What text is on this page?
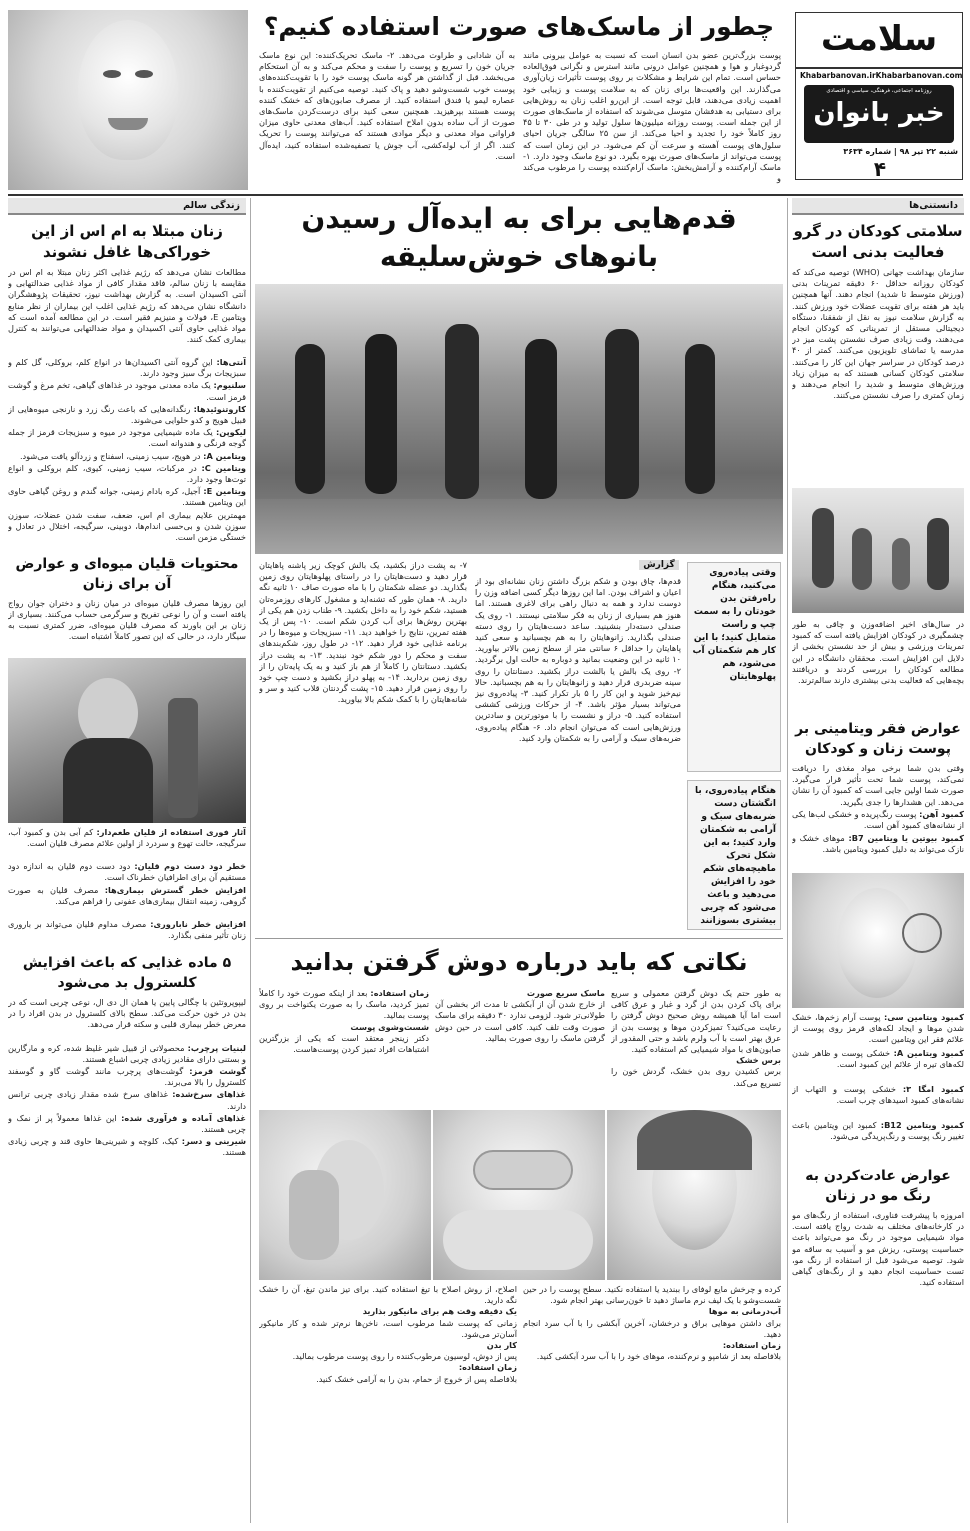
سلامت
Khabarbanovan.ir Khabarbanovan.com
روزنامه اجتماعی، فرهنگی، سیاسی و اقتصادی
خبر بانوان
شنبه ۲۲ تیر ۹۸ | شماره ۳۶۳۴
۴
چطور از ماسک‌های صورت استفاده کنیم؟
پوست بزرگ‌ترین عضو بدن انسان است که نسبت به عوامل بیرونی مانند گردوغبار و هوا و همچنین عوامل درونی مانند استرس و نگرانی فوق‌العاده حساس است. تمام این شرایط و مشکلات بر روی پوست تأثیرات زیان‌آوری می‌گذارند. این واقعیت‌ها برای زنان که به سلامت پوست و زیبایی خود اهمیت زیادی می‌دهند، قابل توجه است. از این‌رو اغلب زنان به روش‌هایی برای دستیابی به هدفشان متوسل می‌شوند که استفاده از ماسک‌های صورت از این جمله است. پوست روزانه میلیون‌ها سلول تولید و در طی ۳۰ تا ۴۵ روز کاملاً خود را تجدید و احیا می‌کند. از سن ۲۵ سالگی جریان احیای سلول‌های پوست آهسته و سرعت آن کم می‌شود. در این زمان است که پوست می‌تواند از ماسک‌های صورت بهره بگیرد. دو نوع ماسک وجود دارد. ۱- ماسک آرام‌کننده و آرامش‌بخش: ماسک آرام‌کننده پوست را مرطوب می‌کند و
به آن شادابی و طراوت می‌دهد. ۲- ماسک تحریک‌کننده: این نوع ماسک جریان خون را تسریع و پوست را سفت و محکم می‌کند و به آن استحکام می‌بخشد. قبل از گذاشتن هر گونه ماسک پوست خود را با تقویت‌کننده‌های پوست خوب شست‌وشو دهید و پاک کنید. توصیه می‌کنیم از تقویت‌کننده با عصاره لیمو یا فندق استفاده کنید. از مصرف صابون‌های که خشک کننده پوست هستند بپرهیزید. همچنین سعی کنید برای درست‌کردن ماسک‌های صورت از آب ساده بدون املاح استفاده کنید. آب‌های معدنی حاوی میزان فراوانی مواد معدنی و دیگر موادی هستند که می‌توانند پوست را تحریک کنند. اگر از آب لوله‌کشی، آب جوش یا تصفیه‌شده استفاده کنید، ایده‌آل است.
دانستنی‌ها
سلامتی کودکان در گرو فعالیت بدنی است
سازمان بهداشت جهانی (WHO) توصیه می‌کند که کودکان روزانه حداقل ۶۰ دقیقه تمرینات بدنی (ورزش متوسط تا شدید) انجام دهند. آنها همچنین باید هر هفته برای تقویت عضلات خود ورزش کنند. به گزارش سلامت نیوز به نقل از شفقنا، دستگاه دیجیتالی مستقل از تمریناتی که کودکان انجام می‌دهند، وقت زیادی صرف نشستن پشت میز در مدرسه یا تماشای تلویزیون می‌کنند. کمتر از ۴۰ درصد کودکان در سراسر جهان این کار را می‌کنند. سلامتی کودکان کسانی هستند که به میزان زیاد ورزش‌های متوسط و شدید را انجام می‌دهند و زمان کمتری را صرف نشستن می‌کنند.
در سال‌های اخیر اضافه‌وزن و چاقی به طور چشمگیری در کودکان افزایش یافته است که کمبود تمرینات ورزشی و بیش از حد نشستن بخشی از دلایل این افزایش است. محققان دانشگاه در این مطالعه کودکان را بررسی کردند و دریافتند بچه‌هایی که فعالیت بدنی بیشتری دارند سالم‌ترند.
عوارض فقر ویتامینی بر پوست زنان و کودکان
وقتی بدن شما برخی مواد مغذی را دریافت نمی‌کند، پوست شما تحت تأثیر قرار می‌گیرد. صورت شما اولین جایی است که کمبود آن را نشان می‌دهد. این هشدارها را جدی بگیرید.
کمبود آهن: پوست رنگ‌پریده و خشکی لب‌ها یکی از نشانه‌های کمبود آهن است.
کمبود بیوتین یا ویتامین B7: موهای خشک و نازک می‌تواند به دلیل کمبود ویتامین باشد.
کمبود ویتامین سی: پوست آرام زخم‌ها، خشک شدن موها و ایجاد لکه‌های قرمز روی پوست از علائم فقر این ویتامین است.
کمبود ویتامین A: خشکی پوست و ظاهر شدن لکه‌های تیره از علائم این کمبود است.
کمبود امگا ۳: خشکی پوست و التهاب از نشانه‌های کمبود اسیدهای چرب است.
کمبود ویتامین B12: کمبود این ویتامین باعث تغییر رنگ پوست و رنگ‌پریدگی می‌شود.
عوارض عادت‌کردن به رنگ مو در زنان
امروزه با پیشرفت فناوری، استفاده از رنگ‌های مو در کارخانه‌های مختلف به شدت رواج یافته است. مواد شیمیایی موجود در رنگ مو می‌تواند باعث حساسیت پوستی، ریزش مو و آسیب به ساقه مو شود. توصیه می‌شود قبل از استفاده از رنگ مو، تست حساسیت انجام دهید و از رنگ‌های گیاهی استفاده کنید.
زندگی سالم
زنان مبتلا به ام اس از این خوراکی‌ها غافل نشوند
مطالعات نشان می‌دهد که رژیم غذایی اکثر زنان مبتلا به ام اس در مقایسه با زنان سالم، فاقد مقدار کافی از مواد غذایی ضدالتهابی و آنتی اکسیدان است. به گزارش بهداشت نیوز، تحقیقات پژوهشگران دانشگاه نشان می‌دهد که رژیم غذایی اغلب این بیماران از نظر منابع ویتامین E، فولات و منیزیم فقیر است. در این مطالعه آمده است که مواد غذایی حاوی آنتی اکسیدان و مواد ضدالتهابی می‌توانند به کنترل بیماری کمک کنند.
آنتی‌ها: این گروه آنتی اکسیدان‌ها در انواع کلم، بروکلی، گل کلم و سبزیجات برگ سبز وجود دارند.
سلنیوم: یک ماده معدنی موجود در غذاهای گیاهی، تخم مرغ و گوشت قرمز است.
کاروتنوئیدها: رنگدانه‌هایی که باعث رنگ زرد و نارنجی میوه‌هایی از قبیل هویج و کدو حلوایی می‌شوند.
لیکوپن: یک ماده شیمیایی موجود در میوه و سبزیجات قرمز از جمله گوجه فرنگی و هندوانه است.
ویتامین A: در هویج، سیب زمینی، اسفناج و زردآلو یافت می‌شود.
ویتامین C: در مرکبات، سیب زمینی، کیوی، کلم بروکلی و انواع توت‌ها وجود دارد.
ویتامین E: آجیل، کره بادام زمینی، جوانه گندم و روغن گیاهی حاوی این ویتامین هستند.
مهمترین علایم بیماری ام اس، ضعف، سفت شدن عضلات، سوزن سوزن شدن و بی‌حسی اندام‌ها، دوبینی، سرگیجه، اختلال در تعادل و خستگی مزمن است.
محتویات قلیان میوه‌ای و عوارض آن برای زنان
این روزها مصرف قلیان میوه‌ای در میان زنان و دختران جوان رواج یافته است و آن را نوعی تفریح و سرگرمی حساب می‌کنند. بسیاری از زنان بر این باورند که مصرف قلیان میوه‌ای، ضرر کمتری نسبت به سیگار دارد، در حالی که این تصور کاملاً اشتباه است.
آثار فوری استفاده از قلیان طعم‌دار: کم آبی بدن و کمبود آب، سرگیجه، حالت تهوع و سردرد از اولین علائم مصرف قلیان است.
خطر دود دست دوم قلیان: دود دست دوم قلیان به اندازه دود مستقیم آن برای اطرافیان خطرناک است.
افزایش خطر گسترش بیماری‌ها: مصرف قلیان به صورت گروهی، زمینه انتقال بیماری‌های عفونی را فراهم می‌کند.
افزایش خطر ناباروری: مصرف مداوم قلیان می‌تواند بر باروری زنان تأثیر منفی بگذارد.
۵ ماده غذایی که باعث افزایش کلسترول بد می‌شود
لیپوپروتئین با چگالی پایین یا همان ال دی ال، نوعی چربی است که در بدن در خون حرکت می‌کند. سطح بالای کلسترول در بدن افراد را در معرض خطر بیماری قلبی و سکته قرار می‌دهد.
لبنیات پرچرب: محصولاتی از قبیل شیر غلیظ شده، کره و مارگارین و بستنی دارای مقادیر زیادی چربی اشباع هستند.
گوشت قرمز: گوشت‌های پرچرب مانند گوشت گاو و گوسفند کلسترول را بالا می‌برند.
غذاهای سرخ‌شده: غذاهای سرخ شده مقدار زیادی چربی ترانس دارند.
غذاهای آماده و فرآوری شده: این غذاها معمولاً پر از نمک و چربی هستند.
شیرینی و دسر: کیک، کلوچه و شیرینی‌ها حاوی قند و چربی زیادی هستند.
قدم‌هایی برای به ایده‌آل رسیدن
بانوهای خوش‌سلیقه
گزارش
وقتی پیاده‌روی می‌کنید، هنگام راه‌رفتن بدن خودتان را به سمت چپ و راست متمایل کنید؛ با این کار هم شکمتان آب می‌شود، هم پهلوهایتان
هنگام پیاده‌روی، با انگشتان دست ضربه‌های سبک و آرامی به شکمتان وارد کنید؛ به این شکل تحرک ماهیچه‌های شکم خود را افزایش می‌دهید و باعث می‌شود که چربی بیشتری بسوزانند
قدم‌ها، چاق بودن و شکم بزرگ داشتن زنان نشانه‌ای بود از اعیان و اشراف بودن. اما این روزها دیگر کسی اضافه وزن را دوست ندارد و همه به دنبال راهی برای لاغری هستند. اما هنوز هم بسیاری از زنان به فکر سلامتی نیستند. ۱- روی یک صندلی دسته‌دار بنشینید. ساعد دست‌هایتان را روی دسته صندلی بگذارید. زانوهایتان را به هم بچسبانید و سعی کنید پاهایتان را حداقل ۶ سانتی متر از سطح زمین بالاتر بیاورید. ۱۰ ثانیه در این وضعیت بمانید و دوباره به حالت اول برگردید. ۲- روی یک بالش یا بالشت دراز بکشید. دستانتان را روی سینه ضربدری قرار دهید و زانوهایتان را به هم بچسبانید. حالا نیم‌خیز شوید و این کار را ۵ بار تکرار کنید. ۳- پیاده‌روی نیز می‌تواند بسیار مؤثر باشد. ۴- از حرکات ورزشی کششی استفاده کنید. ۵- دراز و نشست را با موتورترین و سادترین ورزش‌هایی است که می‌توان انجام داد. ۶- هنگام پیاده‌روی، ضربه‌های سبک و آرامی را به شکمتان وارد کنید.
۷- به پشت دراز بکشید، یک بالش کوچک زیر پاشنه پاهایتان قرار دهید و دست‌هایتان را در راستای پهلوهایتان روی زمین بگذارید. دو عضله شکمتان را با ماه صورت صاف ۱۰ ثانیه نگه دارید. ۸- همان طور که تشنه‌اید و مشغول کارهای روزمره‌تان هستید، شکم خود را به داخل بکشید. ۹- طناب زدن هم یکی از بهترین روش‌ها برای آب کردن شکم است. ۱۰- پس از یک هفته تمرین، نتایج را خواهید دید. ۱۱- سبزیجات و میوه‌ها را در برنامه غذایی خود قرار دهید. ۱۲- در طول روز، شکم‌بندهای سفت و محکم را دور شکم خود نبندید. ۱۳- به پشت دراز بکشید. دستانتان را کاملاً از هم باز کنید و به یک پایه‌تان را از روی زمین بردارید. ۱۴- به پهلو دراز بکشید و دست چپ خود را روی زمین قرار دهید. ۱۵- پشت گردنتان قلاب کنید و سر و شانه‌هایتان را با کمک شکم بالا بیاورید.
نکاتی که باید درباره دوش گرفتن بدانید
به طور حتم یک دوش گرفتن معمولی و سریع برای پاک کردن بدن از گرد و غبار و عرق کافی است اما آیا همیشه روش صحیح دوش گرفتن را رعایت می‌کنید؟ تمیزکردن موها و پوست بدن از عرق بهتر است با آب ولرم باشد و حتی المقدور از صابون‌های با مواد شیمیایی کم استفاده کنید.
برس خشک
برس کشیدن روی بدن خشک، گردش خون را تسریع می‌کند.
ماسک سریع صورت
از خارج شدن آن از آبکشی تا مدت اثر بخشی آن طولانی‌تر شود. لزومی ندارد ۳۰ دقیقه برای ماسک صورت وقت تلف کنید. کافی است در حین دوش گرفتن ماسک را روی صورت بمالید.
زمان استفاده: بعد از اینکه صورت خود را کاملاً تمیز کردید، ماسک را به صورت یکنواخت بر روی پوست بمالید.
شست‌وشوی پوست
دکتر زینجر معتقد است که یکی از بزرگترین اشتباهات افراد تمیز کردن پوست‌هاست.
کرده و چرخش مایع لوفای را ببندید یا استفاده نکنید. سطح پوست را در حین شست‌وشو با یک لیف نرم ماساژ دهید تا خون‌رسانی بهتر انجام شود.
آب‌درمانی به موها
برای داشتن موهایی براق و درخشان، آخرین آبکشی را با آب سرد انجام دهید.
زمان استفاده:
بلافاصله بعد از شامپو و نرم‌کننده، موهای خود را با آب سرد آبکشی کنید.
اصلاح، از روش اصلاح با تیغ استفاده کنید. برای تیز ماندن تیغ، آن را خشک نگه دارید.
یک دقیقه وقت هم برای مانیکور بذارید
زمانی که پوست شما مرطوب است، ناخن‌ها نرم‌تر شده و کار مانیکور آسان‌تر می‌شود.
کار بدن
پس از دوش، لوسیون مرطوب‌کننده را روی پوست مرطوب بمالید.
زمان استفاده:
بلافاصله پس از خروج از حمام، بدن را به آرامی خشک کنید.
